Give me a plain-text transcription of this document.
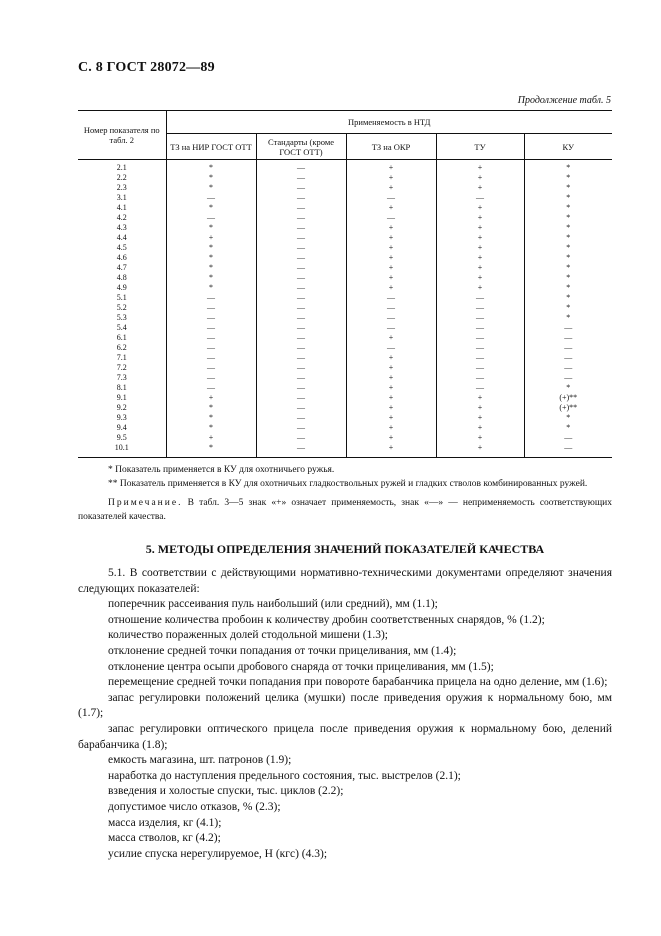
С. 8 ГОСТ 28072—89
Продолжение табл. 5
Номер показателя по табл. 2	Применяемость в НТД				
	ТЗ на НИР ГОСТ ОТТ	Стандарты (кроме ГОСТ ОТТ)	ТЗ на ОКР	ТУ	КУ
2.1	*	—	+	+	*
2.2	*	—	+	+	*
2.3	*	—	+	+	*
3.1	—	—	—	—	*
4.1	*	—	+	+	*
4.2	—	—	—	+	*
4.3	*	—	+	+	*
4.4	+	—	+	+	*
4.5	*	—	+	+	*
4.6	*	—	+	+	*
4.7	*	—	+	+	*
4.8	*	—	+	+	*
4.9	*	—	+	+	*
5.1	—	—	—	—	*
5.2	—	—	—	—	*
5.3	—	—	—	—	*
5.4	—	—	—	—	—
6.1	—	—	+	—	—
6.2	—	—	—	—	—
7.1	—	—	+	—	—
7.2	—	—	+	—	—
7.3	—	—	+	—	—
8.1	—	—	+	—	*
9.1	+	—	+	+	(+)**
9.2	*	—	+	+	(+)**
9.3	*	—	+	+	*
9.4	*	—	+	+	*
9.5	+	—	+	+	—
10.1	*	—	+	+	—

* Показатель применяется в КУ для охотничьего ружья.

** Показатель применяется в КУ для охотничьих гладкоствольных ружей и гладких стволов комбинированных ружей.

Примечание. В табл. 3—5 знак «+» означает применяемость, знак «—» — неприменяемость соответствующих показателей качества.

5. МЕТОДЫ ОПРЕДЕЛЕНИЯ ЗНАЧЕНИЙ ПОКАЗАТЕЛЕЙ КАЧЕСТВА

5.1. В соответствии с действующими нормативно-техническими документами определяют значения следующих показателей:

поперечник рассеивания пуль наибольший (или средний), мм (1.1);

отношение количества пробоин к количеству дробин соответственных снарядов, % (1.2);

количество пораженных долей стодольной мишени (1.3);

отклонение средней точки попадания от точки прицеливания, мм (1.4);

отклонение центра осыпи дробового снаряда от точки прицеливания, мм (1.5);

перемещение средней точки попадания при повороте барабанчика прицела на одно деление, мм (1.6);

запас регулировки положений целика (мушки) после приведения оружия к нормальному бою, мм (1.7);

запас регулировки оптического прицела после приведения оружия к нормальному бою, делений барабанчика (1.8);

емкость магазина, шт. патронов (1.9);

наработка до наступления предельного состояния, тыс. выстрелов (2.1);

взведения и холостые спуски, тыс. циклов (2.2);

допустимое число отказов, % (2.3);

масса изделия, кг (4.1);

масса стволов, кг (4.2);

усилие спуска нерегулируемое, Н (кгс) (4.3);
